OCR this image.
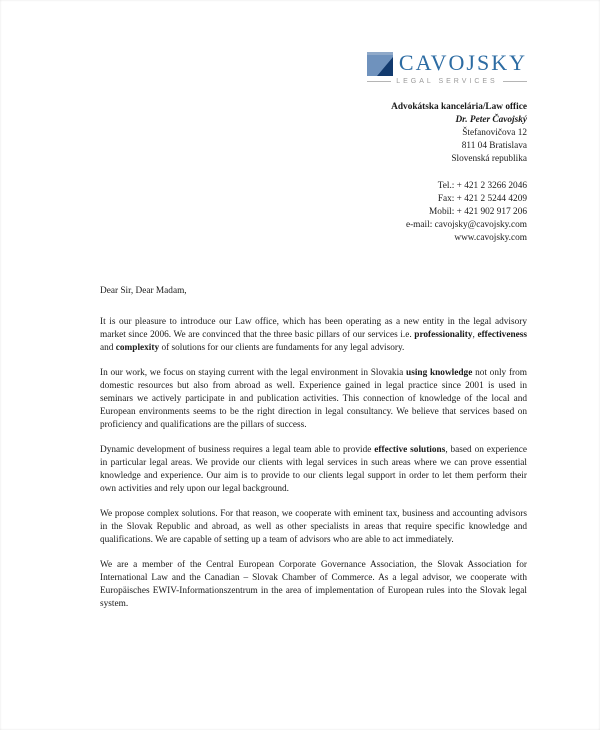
CAVOJSKY
LEGAL SERVICES
Advokátska kancelária/Law office
Dr. Peter Čavojský
Štefanovičova 12
811 04 Bratislava
Slovenská republika
Tel.: + 421 2 3266 2046
Fax: + 421 2 5244 4209
Mobil: + 421 902 917 206
e-mail: cavojsky@cavojsky.com
www.cavojsky.com
Dear Sir, Dear Madam,

It is our pleasure to introduce our Law office, which has been operating as a new entity in the legal advisory market since 2006. We are convinced that the three basic pillars of our services i.e. professionality, effectiveness and complexity of solutions for our clients are fundaments for any legal advisory.

In our work, we focus on staying current with the legal environment in Slovakia using knowledge not only from domestic resources but also from abroad as well. Experience gained in legal practice since 2001 is used in seminars we actively participate in and publication activities. This connection of knowledge of the local and European environments seems to be the right direction in legal consultancy. We believe that services based on proficiency and qualifications are the pillars of success.

Dynamic development of business requires a legal team able to provide effective solutions, based on experience in particular legal areas. We provide our clients with legal services in such areas where we can prove essential knowledge and experience. Our aim is to provide to our clients legal support in order to let them perform their own activities and rely upon our legal background.

We propose complex solutions. For that reason, we cooperate with eminent tax, business and accounting advisors in the Slovak Republic and abroad, as well as other specialists in areas that require specific knowledge and qualifications. We are capable of setting up a team of advisors who are able to act immediately.

We are a member of the Central European Corporate Governance Association, the Slovak Association for International Law and the Canadian – Slovak Chamber of Commerce. As a legal advisor, we cooperate with Europäisches EWIV-Informationszentrum in the area of implementation of European rules into the Slovak legal system.
